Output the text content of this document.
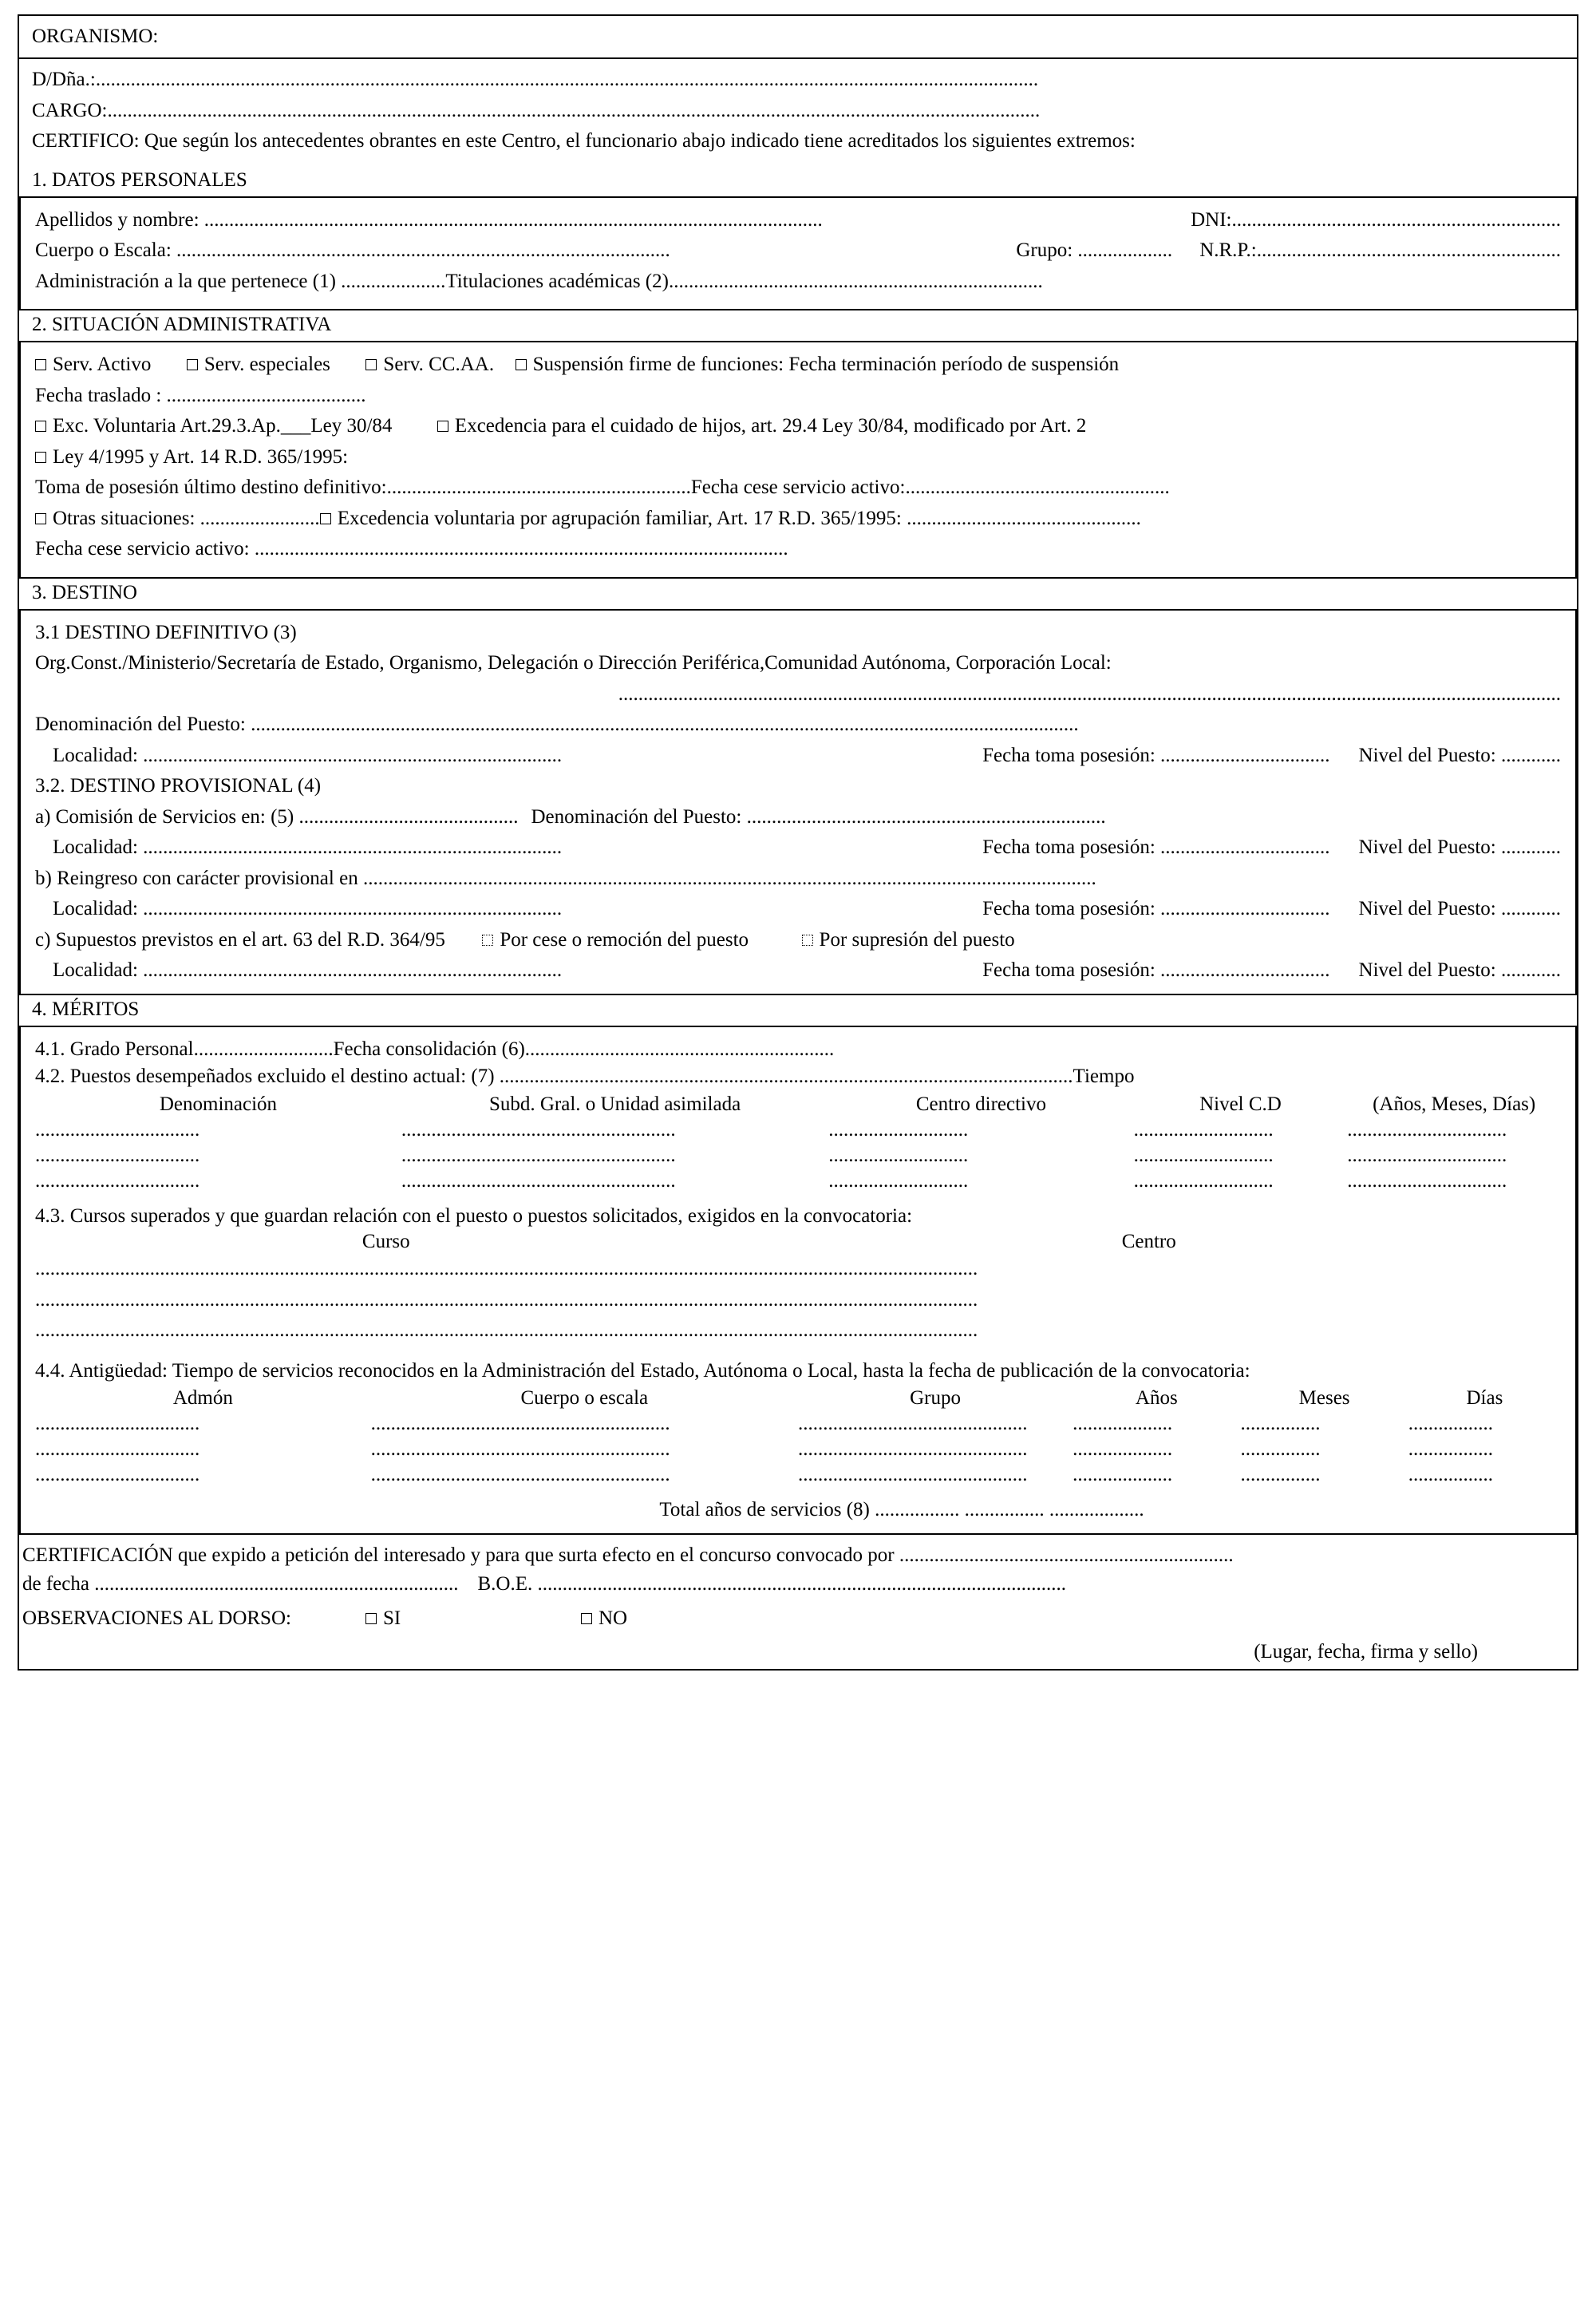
ORGANISMO:
D/Dña.:.............................................................................................................................................................................................
CARGO:...........................................................................................................................................................................................
CERTIFICO: Que según los antecedentes obrantes en este Centro, el funcionario abajo indicado tiene acreditados los siguientes extremos:
1. DATOS PERSONALES
Apellidos y nombre: ............................................................................................................................	DNI:..................................................................
Cuerpo o Escala: ...................................................................................................	Grupo: ................... N.R.P.:.............................................................
Administración a la que pertenece (1) .....................Titulaciones académicas (2)...........................................................................
2. SITUACIÓN ADMINISTRATIVA
Serv. Activo	Serv. especiales	Serv. CC.AA. Suspensión firme de funciones: Fecha terminación período de suspensión
Fecha traslado : ........................................
Exc. Voluntaria Art.29.3.Ap.___Ley 30/84	Excedencia para el cuidado de hijos, art. 29.4 Ley 30/84, modificado por Art. 2
Ley 4/1995 y Art. 14 R.D. 365/1995:
Toma de posesión último destino definitivo:.............................................................Fecha cese servicio activo:.....................................................
Otras situaciones: ........................ Excedencia voluntaria por agrupación familiar, Art. 17 R.D. 365/1995: ...............................................
Fecha cese servicio activo: ...........................................................................................................
3. DESTINO
3.1 DESTINO DEFINITIVO (3)
Org.Const./Ministerio/Secretaría de Estado, Organismo, Delegación o Dirección Periférica,Comunidad Autónoma, Corporación Local:
.............................................................................................................................................................................................
Denominación del Puesto: ......................................................................................................................................................................
Localidad: ....................................................................................	Fecha toma posesión: .................................. Nivel del Puesto: ............
3.2. DESTINO PROVISIONAL (4)
a) Comisión de Servicios en: (5) ............................................ Denominación del Puesto: ........................................................................
Localidad: ....................................................................................	Fecha toma posesión: .................................. Nivel del Puesto: ............
b) Reingreso con carácter provisional en ...................................................................................................................................................
Localidad: ....................................................................................	Fecha toma posesión: .................................. Nivel del Puesto: ............
c) Supuestos previstos en el art. 63 del R.D. 364/95	Por cese o remoción del puesto	Por supresión del puesto
Localidad: ....................................................................................	Fecha toma posesión: .................................. Nivel del Puesto: ............
4. MÉRITOS
4.1. Grado Personal............................Fecha consolidación (6)..............................................................
4.2. Puestos desempeñados excluido el destino actual: (7) ...................................................................................................................Tiempo
Denominación	Subd. Gral. o Unidad asimilada	Centro directivo	Nivel C.D	(Años, Meses, Días)
.................................	.......................................................	............................	............................	................................
.................................	.......................................................	............................	............................	................................
.................................	.......................................................	............................	............................	................................
4.3. Cursos superados y que guardan relación con el puesto o puestos solicitados, exigidos en la convocatoria:
Curso	Centro
.............................................................................................................................................................................................
.............................................................................................................................................................................................
.............................................................................................................................................................................................
4.4. Antigüedad: Tiempo de servicios reconocidos en la Administración del Estado, Autónoma o Local, hasta la fecha de publicación de la convocatoria:
Admón	Cuerpo o escala	Grupo	Años	Meses	Días
.................................	............................................................	..............................................	....................	................	.................
.................................	............................................................	..............................................	....................	................	.................
.................................	............................................................	..............................................	....................	................	.................
Total años de servicios (8) ................. ................ ...................
CERTIFICACIÓN que expido a petición del interesado y para que surta efecto en el concurso convocado por ...................................................................
de fecha ......................................................................... B.O.E. ..........................................................................................................
OBSERVACIONES AL DORSO:	SI	NO
(Lugar, fecha, firma y sello)
